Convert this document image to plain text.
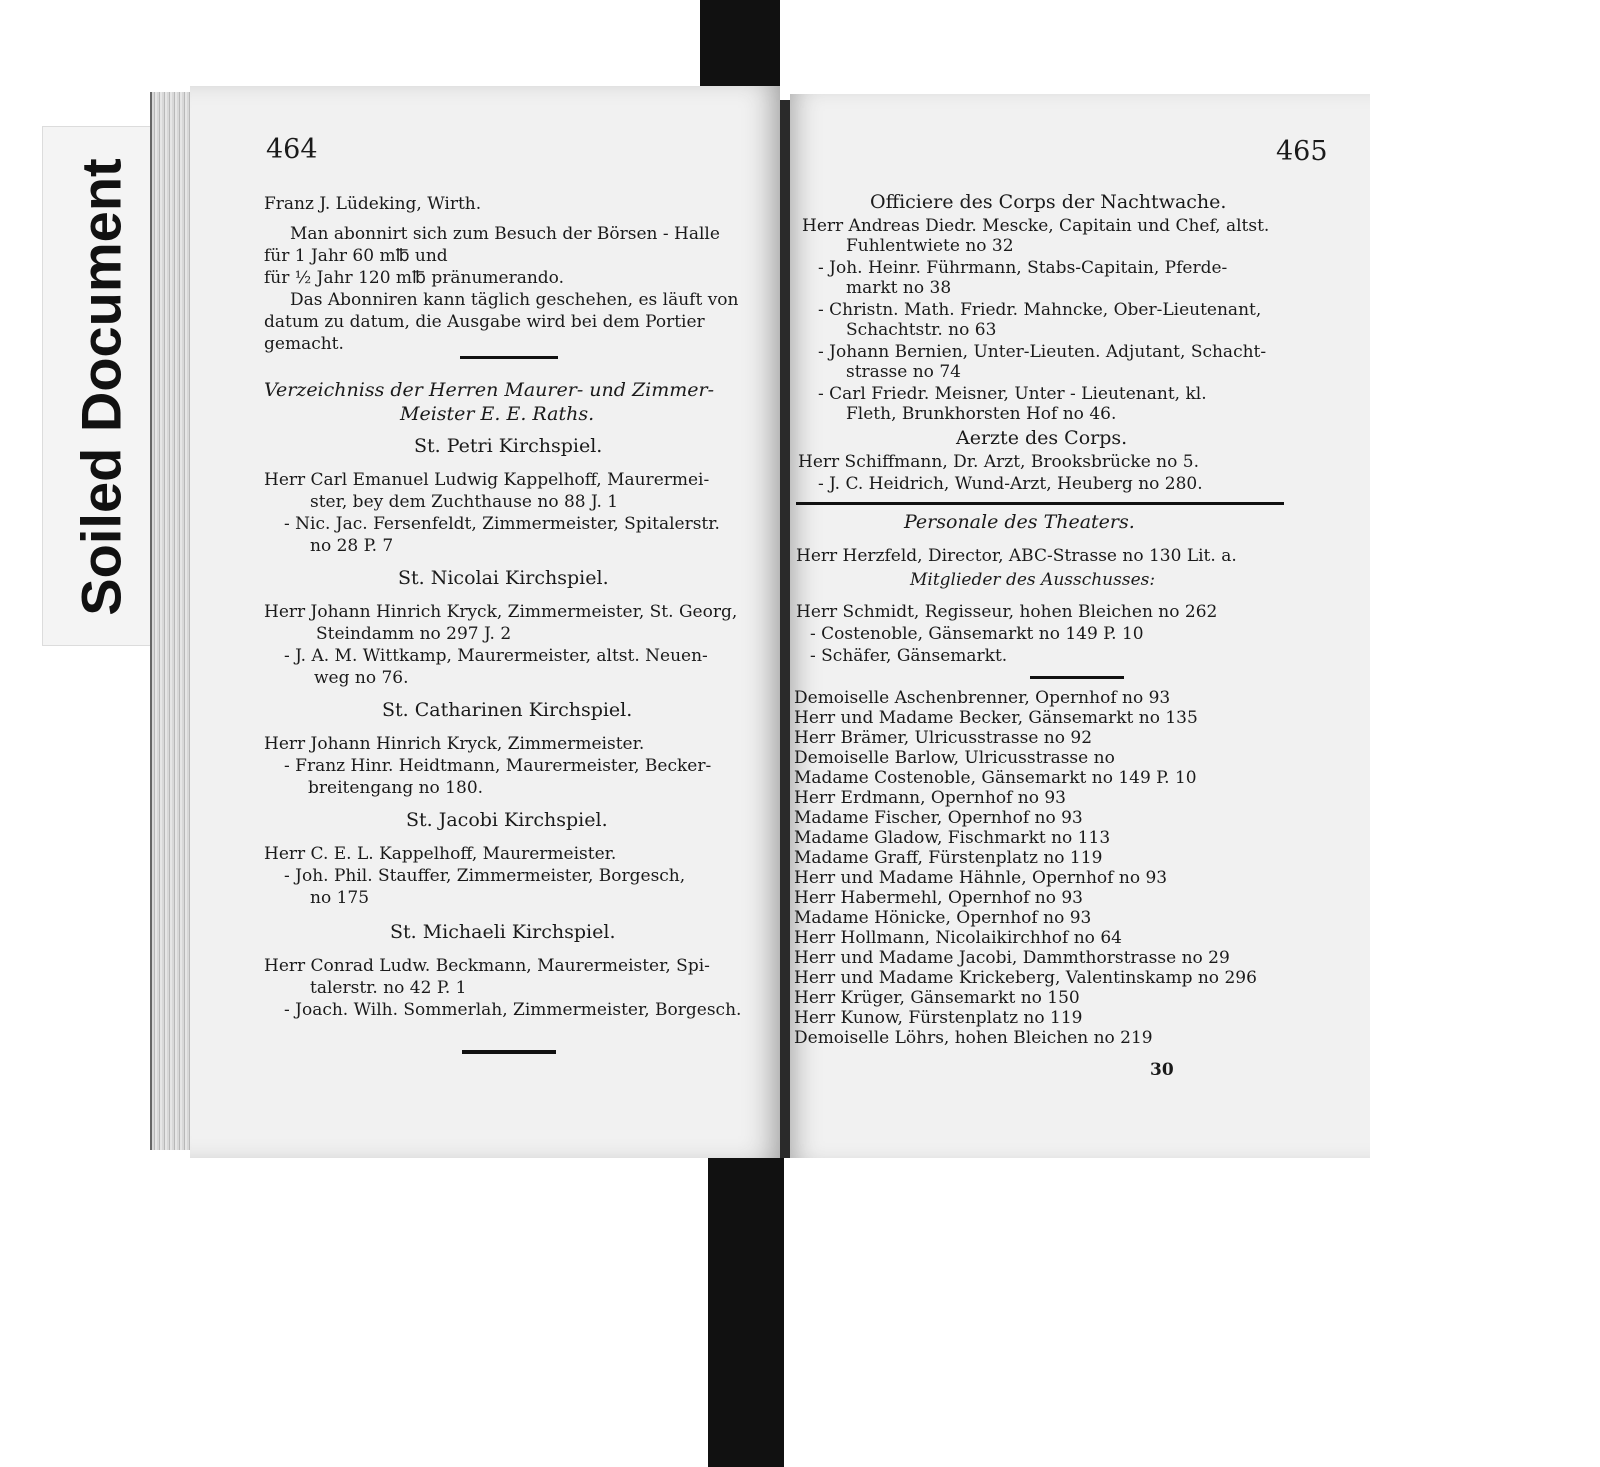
Soiled Document
464
Franz J. Lüdeking, Wirth.
Man abonnirt sich zum Besuch der Börsen - Halle
für 1 Jahr 60 m℔ und
für ½ Jahr 120 m℔ pränumerando.
Das Abonniren kann täglich geschehen, es läuft von
datum zu datum, die Ausgabe wird bei dem Portier
gemacht.
Verzeichniss der Herren Maurer- und Zimmer-
Meister E. E. Raths.
St. Petri Kirchspiel.
Herr Carl Emanuel Ludwig Kappelhoff, Maurermei-
ster, bey dem Zuchthause no 88 J. 1
- Nic. Jac. Fersenfeldt, Zimmermeister, Spitalerstr.
no 28 P. 7
St. Nicolai Kirchspiel.
Herr Johann Hinrich Kryck, Zimmermeister, St. Georg,
Steindamm no 297 J. 2
- J. A. M. Wittkamp, Maurermeister, altst. Neuen-
weg no 76.
St. Catharinen Kirchspiel.
Herr Johann Hinrich Kryck, Zimmermeister.
- Franz Hinr. Heidtmann, Maurermeister, Becker-
breitengang no 180.
St. Jacobi Kirchspiel.
Herr C. E. L. Kappelhoff, Maurermeister.
- Joh. Phil. Stauffer, Zimmermeister, Borgesch,
no 175
St. Michaeli Kirchspiel.
Herr Conrad Ludw. Beckmann, Maurermeister, Spi-
talerstr. no 42 P. 1
- Joach. Wilh. Sommerlah, Zimmermeister, Borgesch.
465
Officiere des Corps der Nachtwache.
Herr Andreas Diedr. Mescke, Capitain und Chef, altst.
Fuhlentwiete no 32
- Joh. Heinr. Führmann, Stabs-Capitain, Pferde-
markt no 38
- Christn. Math. Friedr. Mahncke, Ober-Lieutenant,
Schachtstr. no 63
- Johann Bernien, Unter-Lieuten. Adjutant, Schacht-
strasse no 74
- Carl Friedr. Meisner, Unter - Lieutenant, kl.
Fleth, Brunkhorsten Hof no 46.
Aerzte des Corps.
Herr Schiffmann, Dr. Arzt, Brooksbrücke no 5.
- J. C. Heidrich, Wund-Arzt, Heuberg no 280.
Personale des Theaters.
Herr Herzfeld, Director, ABC-Strasse no 130 Lit. a.
Mitglieder des Ausschusses:
Herr Schmidt, Regisseur, hohen Bleichen no 262
- Costenoble, Gänsemarkt no 149 P. 10
- Schäfer, Gänsemarkt.
Demoiselle Aschenbrenner, Opernhof no 93
Herr und Madame Becker, Gänsemarkt no 135
Herr Brämer, Ulricusstrasse no 92
Demoiselle Barlow, Ulricusstrasse no
Madame Costenoble, Gänsemarkt no 149 P. 10
Herr Erdmann, Opernhof no 93
Madame Fischer, Opernhof no 93
Madame Gladow, Fischmarkt no 113
Madame Graff, Fürstenplatz no 119
Herr und Madame Hähnle, Opernhof no 93
Herr Habermehl, Opernhof no 93
Madame Hönicke, Opernhof no 93
Herr Hollmann, Nicolaikirchhof no 64
Herr und Madame Jacobi, Dammthorstrasse no 29
Herr und Madame Krickeberg, Valentinskamp no 296
Herr Krüger, Gänsemarkt no 150
Herr Kunow, Fürstenplatz no 119
Demoiselle Löhrs, hohen Bleichen no 219
30
